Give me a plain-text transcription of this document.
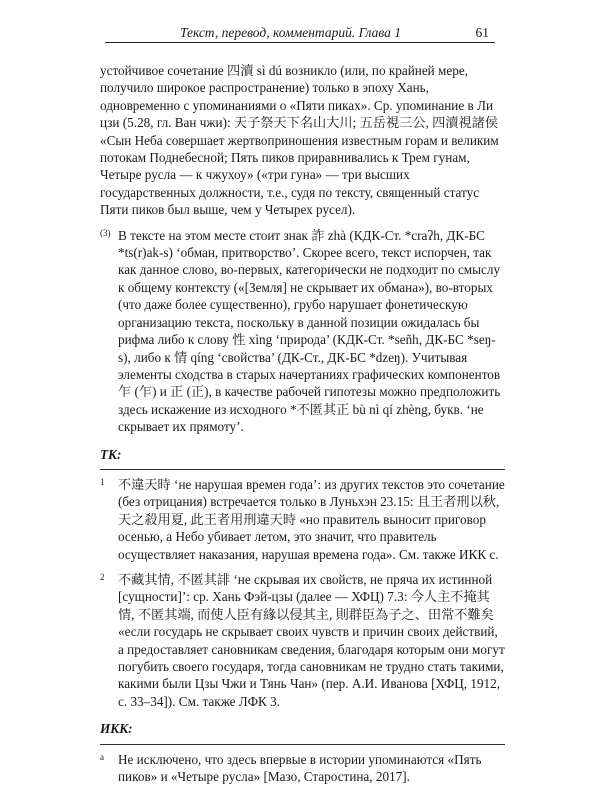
Текст, перевод, комментарий. Глава 1	61

устойчивое сочетание 四瀆 sì dú возникло (или, по крайней мере, получило широкое распространение) только в эпоху Хань, одновременно с упоминаниями о «Пяти пиках». Ср. упоминание в Ли цзи (5.28, гл. Ван чжи): 天子祭天下名山大川; 五岳視三公, 四瀆視諸侯 «Сын Неба совершает жертвоприношения известным горам и великим потокам Поднебесной; Пять пиков приравнивались к Трем гунам, Четыре русла — к чжухоу» («три гуна» — три высших государственных должности, т.е., судя по тексту, священный статус Пяти пиков был выше, чем у Четырех русел).

(3) В тексте на этом месте стоит знак 詐 zhà (КДК-Ст. *craʔh, ДК-БС *ts(r)ak-s) ‘обман, притворство’. Скорее всего, текст испорчен, так как данное слово, во-первых, категорически не подходит по смыслу к общему контексту («[Земля] не скрывает их обмана»), во-вторых (что даже более существенно), грубо нарушает фонетическую организацию текста, поскольку в данной позиции ожидалась бы рифма либо к слову 性 xìng ‘природа’ (КДК-Ст. *señh, ДК-БС *seŋ-s), либо к 情 qíng ‘свойства’ (ДК-Ст., ДК-БС *dzeŋ). Учитывая элементы сходства в старых начертаниях графических компонентов 乍 (乍) и 正 (正), в качестве рабочей гипотезы можно предположить здесь искажение из исходного *不匿其正 bù nì qí zhèng, букв. ‘не скрывает их прямоту’.

ТК:
1 不違天時 ‘не нарушая времен года’: из других текстов это сочетание (без отрицания) встречается только в Луньхэн 23.15: 且王者刑以秋, 天之殺用夏, 此王者用刑違天時 «но правитель выносит приговор осенью, а Небо убивает летом, это значит, что правитель осуществляет наказания, нарушая времена года». См. также ИКК c.

2 不藏其情, 不匿其誹 ‘не скрывая их свойств, не пряча их истинной [сущности]’: ср. Хань Фэй-цзы (далее — ХФЦ) 7.3: 今人主不掩其情, 不匿其端, 而使人臣有緣以侵其主, 則群臣為子之、田常不難矣 «если государь не скрывает своих чувств и причин своих действий, а предоставляет сановникам сведения, благодаря которым они могут погубить своего государя, тогда сановникам не трудно стать такими, какими были Цзы Чжи и Тянь Чан» (пер. А.И. Иванова [ХФЦ, 1912, с. 33–34]). См. также ЛФК 3.

ИКК:
a Не исключено, что здесь впервые в истории упоминаются «Пять пиков» и «Четыре русла» [Мазо, Старостина, 2017].
